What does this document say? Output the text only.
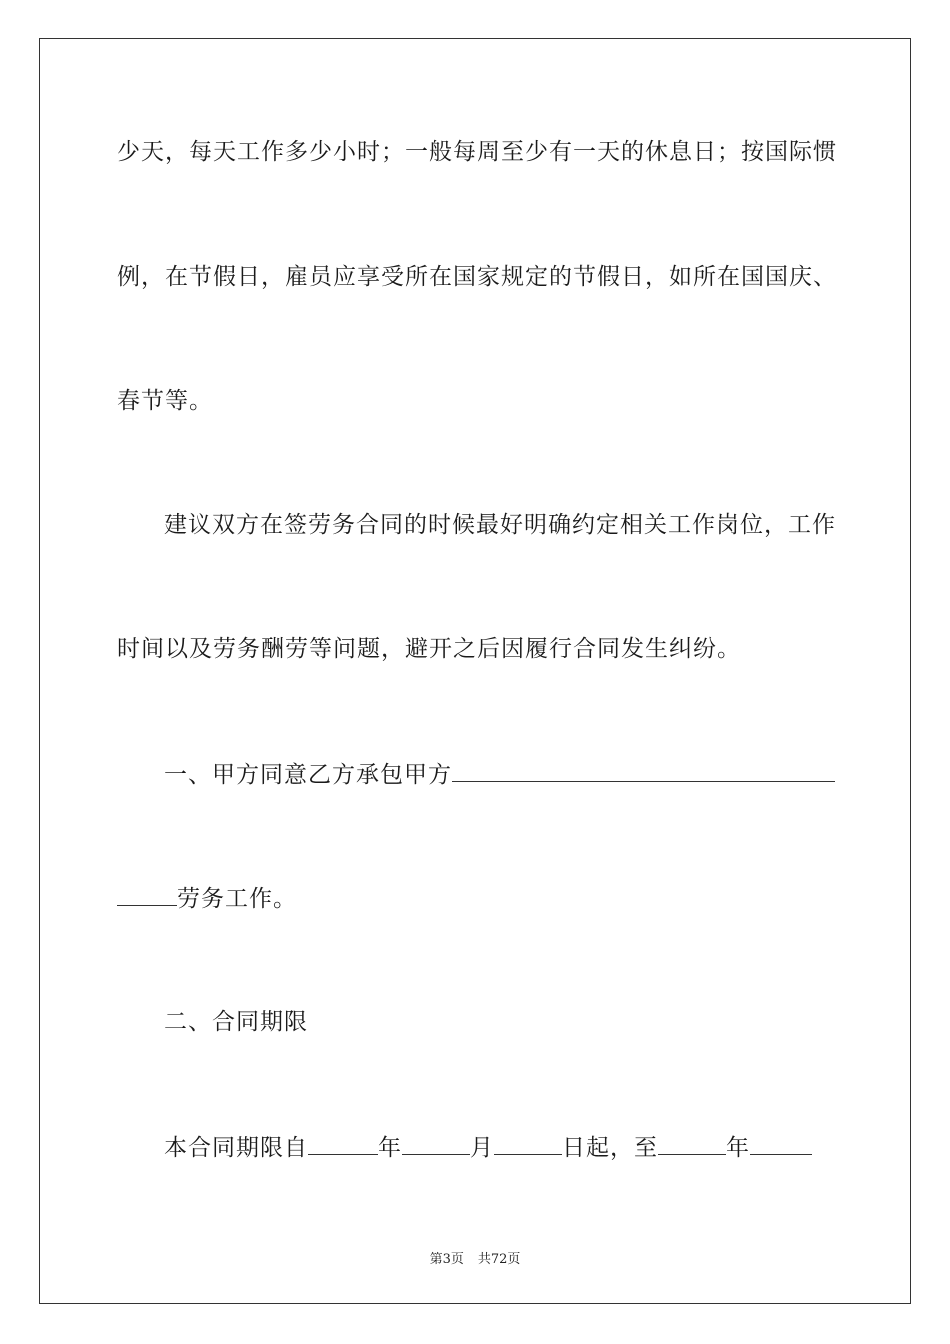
少天，每天工作多少小时；一般每周至少有一天的休息日；按国际惯
例，在节假日，雇员应享受所在国家规定的节假日，如所在国国庆、
春节等。
建议双方在签劳务合同的时候最好明确约定相关工作岗位，工作
时间以及劳务酬劳等问题，避开之后因履行合同发生纠纷。
一、甲方同意乙方承包甲方
劳务工作。
二、合同期限
本合同期限自	年	月	日起，至	年
第3页 共72页
